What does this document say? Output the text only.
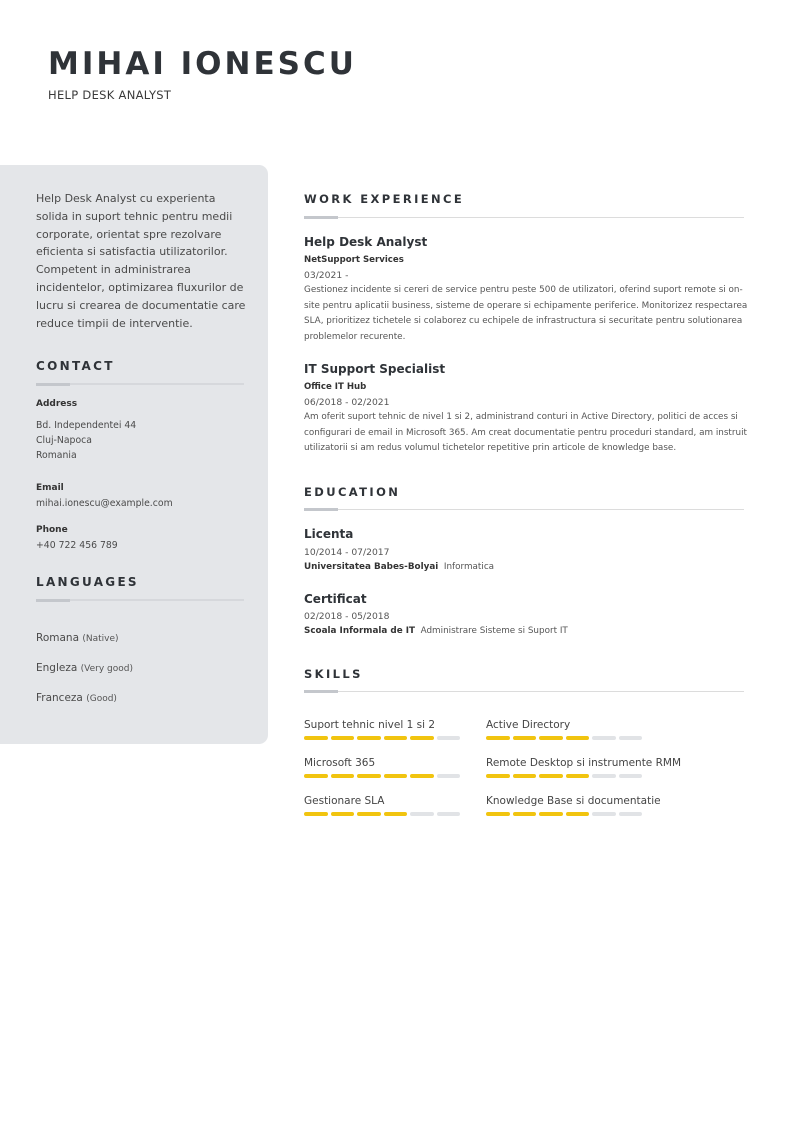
MIHAI IONESCU
HELP DESK ANALYST
Help Desk Analyst cu experienta solida in suport tehnic pentru medii corporate, orientat spre rezolvare eficienta si satisfactia utilizatorilor. Competent in administrarea incidentelor, optimizarea fluxurilor de lucru si crearea de documentatie care reduce timpii de interventie.
CONTACT
Address
Bd. Independentei 44
Cluj-Napoca
Romania
Email
mihai.ionescu@example.com
Phone
+40 722 456 789
LANGUAGES
Romana (Native)
Engleza (Very good)
Franceza (Good)
WORK EXPERIENCE
Help Desk Analyst
NetSupport Services
03/2021 -
Gestionez incidente si cereri de service pentru peste 500 de utilizatori, oferind suport remote si on-site pentru aplicatii business, sisteme de operare si echipamente periferice. Monitorizez respectarea SLA, prioritizez tichetele si colaborez cu echipele de infrastructura si securitate pentru solutionarea problemelor recurente.
IT Support Specialist
Office IT Hub
06/2018 - 02/2021
Am oferit suport tehnic de nivel 1 si 2, administrand conturi in Active Directory, politici de acces si configurari de email in Microsoft 365. Am creat documentatie pentru proceduri standard, am instruit utilizatorii si am redus volumul tichetelor repetitive prin articole de knowledge base.
EDUCATION
Licenta
10/2014 - 07/2017
Universitatea Babes-Bolyai Informatica
Certificat
02/2018 - 05/2018
Scoala Informala de IT Administrare Sisteme si Suport IT
SKILLS
Suport tehnic nivel 1 si 2	Active Directory
Microsoft 365	Remote Desktop si instrumente RMM
Gestionare SLA	Knowledge Base si documentatie
